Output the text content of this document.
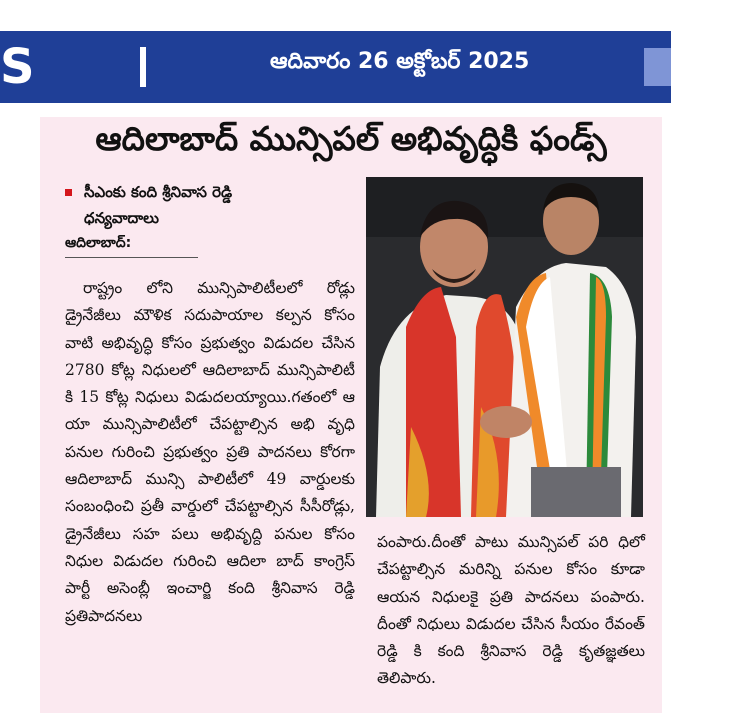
S	ఆదివారం 26 అక్టోబర్ 2025
ఆదిలాబాద్ మున్సిపల్ అభివృద్ధికి ఫండ్స్
సీఎంకు కంది శ్రీనివాస రెడ్డి
ధన్యవాదాలు
ఆదిలాబాద్:

రాష్ట్రం లోని మున్సిపాలిటీలలో రోడ్లు డ్రైనేజీలు మౌళిక సదుపాయాల కల్పన కోసం వాటి అభివృద్ధి కోసం ప్రభుత్వం విడుదల చేసిన 2780 కోట్ల నిధులలో ఆదిలాబాద్ మున్సిపాలిటీ కి 15 కోట్ల నిధులు విడుదలయ్యాయి.గతంలో ఆ యా మున్సిపాలిటీలో చేపట్టాల్సిన అభి వృధి పనుల గురించి ప్రభుత్వం ప్రతి పాదనలు కోరగా ఆదిలాబాద్ మున్సి పాలిటీలో 49 వార్డులకు సంబంధించి ప్రతీ వార్డులో చేపట్టాల్సిన సీసీరోడ్లు, డ్రైనేజీలు సహ పలు అభివృద్ది పనుల కోసం నిధుల విడుదల గురించి ఆదిలా బాద్ కాంగ్రెస్ పార్టీ అసెంబ్లీ ఇంచార్జి కంది శ్రీనివాస రెడ్డి ప్రతిపాదనలు

పంపారు.దీంతో పాటు మున్సిపల్ పరి ధిలో చేపట్టాల్సిన మరిన్ని పనుల కోసం కూడా ఆయన నిధులకై ప్రతి పాదనలు పంపారు. దీంతో నిధులు విడుదల చేసిన సీయం రేవంత్ రెడ్డి కి కంది శ్రీనివాస రెడ్డి కృతజ్ఞతలు తెలిపారు.
